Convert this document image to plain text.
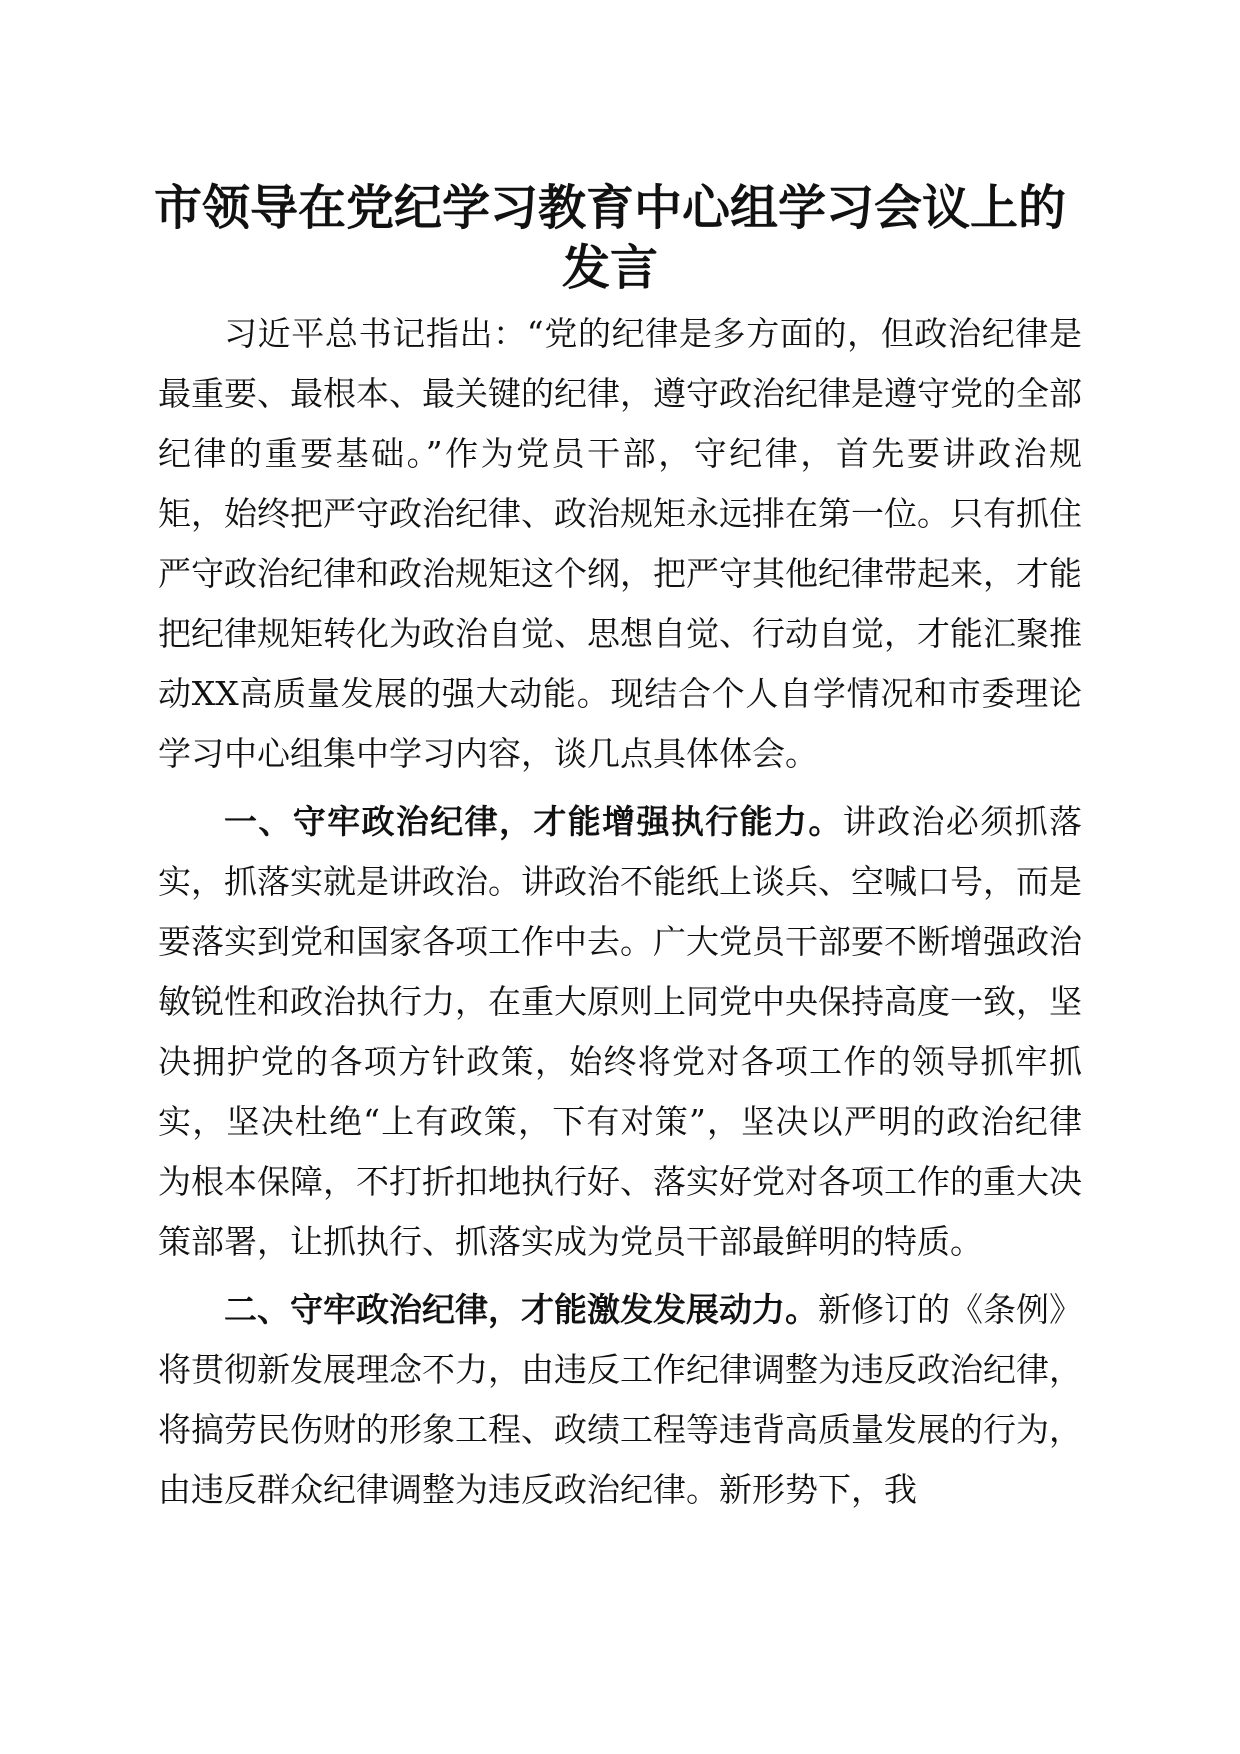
市领导在党纪学习教育中心组学习会议上的
发言

习近平总书记指出：“党的纪律是多方面的，但政治纪律是最重要、最根本、最关键的纪律，遵守政治纪律是遵守党的全部纪律的重要基础。”作为党员干部，守纪律，首先要讲政治规矩，始终把严守政治纪律、政治规矩永远排在第一位。只有抓住严守政治纪律和政治规矩这个纲，把严守其他纪律带起来，才能把纪律规矩转化为政治自觉、思想自觉、行动自觉，才能汇聚推动XX高质量发展的强大动能。现结合个人自学情况和市委理论学习中心组集中学习内容，谈几点具体体会。

一、守牢政治纪律，才能增强执行能力。讲政治必须抓落实，抓落实就是讲政治。讲政治不能纸上谈兵、空喊口号，而是要落实到党和国家各项工作中去。广大党员干部要不断增强政治敏锐性和政治执行力，在重大原则上同党中央保持高度一致，坚决拥护党的各项方针政策，始终将党对各项工作的领导抓牢抓实，坚决杜绝“上有政策，下有对策”，坚决以严明的政治纪律为根本保障，不打折扣地执行好、落实好党对各项工作的重大决策部署，让抓执行、抓落实成为党员干部最鲜明的特质。

二、守牢政治纪律，才能激发发展动力。新修订的《条例》将贯彻新发展理念不力，由违反工作纪律调整为违反政治纪律，将搞劳民伤财的形象工程、政绩工程等违背高质量发展的行为，由违反群众纪律调整为违反政治纪律。新形势下，我
